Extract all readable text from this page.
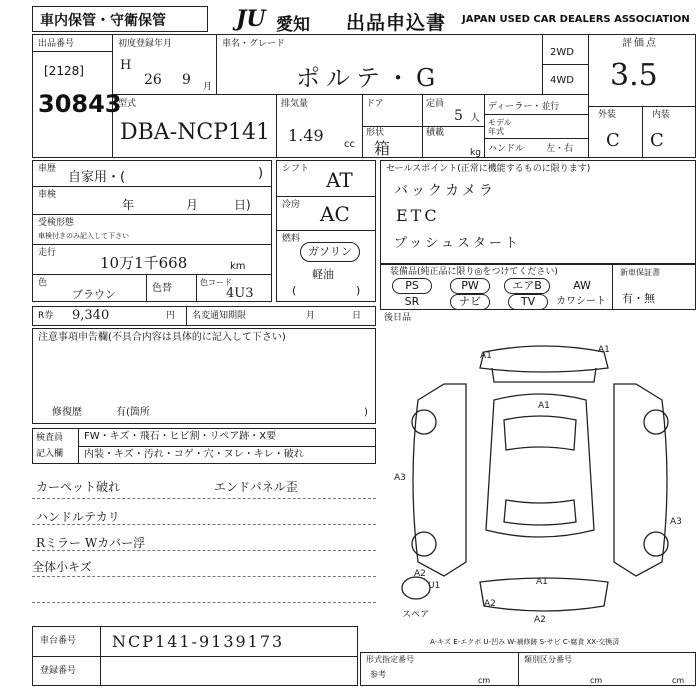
車内保管・守衛保管	JU 愛知 出品申込書 JAPAN USED CAR DEALERS ASSOCIATION
出品番号
[2128]
30843
初度登録年月
H
26 9 月
車名・グレード
ポルテ・G
2WD
4WD
評価点
3.5
型式
DBA-NCP141
排気量
1.49 cc
ドア
形状
箱
定員
5 人
積載
kg
ディーラー・並行
モデル年式
ハンドル 左・右
外装	内装
C C
車歴
自家用・(	)
車検
年	月	日)
受検形態
車検付きのみ記入して下さい
走行
10万1千668	km
色
ブラウン	色替
色コード
4U3
シフト AT
冷房 AC
燃料
ガソリン
軽油
(	)
セールスポイント(正常に機能するものに限ります)
バックカメラ
ETC
プッシュスタート
装備品(純正品に限り◎をつけてください)
PS	PW	エアB	AW
SR	ナビ	TV	カワシート
新車保証書
有・無
R券 9,340	円 名変通知期限	月	日	後日品
注意事項申告欄(不具合内容は具体的に記入して下さい)
修復歴	有(箇所	)
検査員
記入欄
FW・キズ・飛石・ヒビ割・リペア跡・X要
内装・キズ・汚れ・コゲ・穴・ヌレ・キレ・破れ
カーペット破れ	エンドパネル歪
ハンドルテカリ
Rミラー Wカバー浮
全体小キズ
A1
A1
A1
A3
A3
A2
A2
U1	A1
A2
スペア
A-キズ E-エクボ U-凹み W-補修跡 S-サビ C-腐食 XX-交換済
車台番号 NCP141-9139173
登録番号
形式指定番号	類別区分番号
参考
cm	cm	cm
